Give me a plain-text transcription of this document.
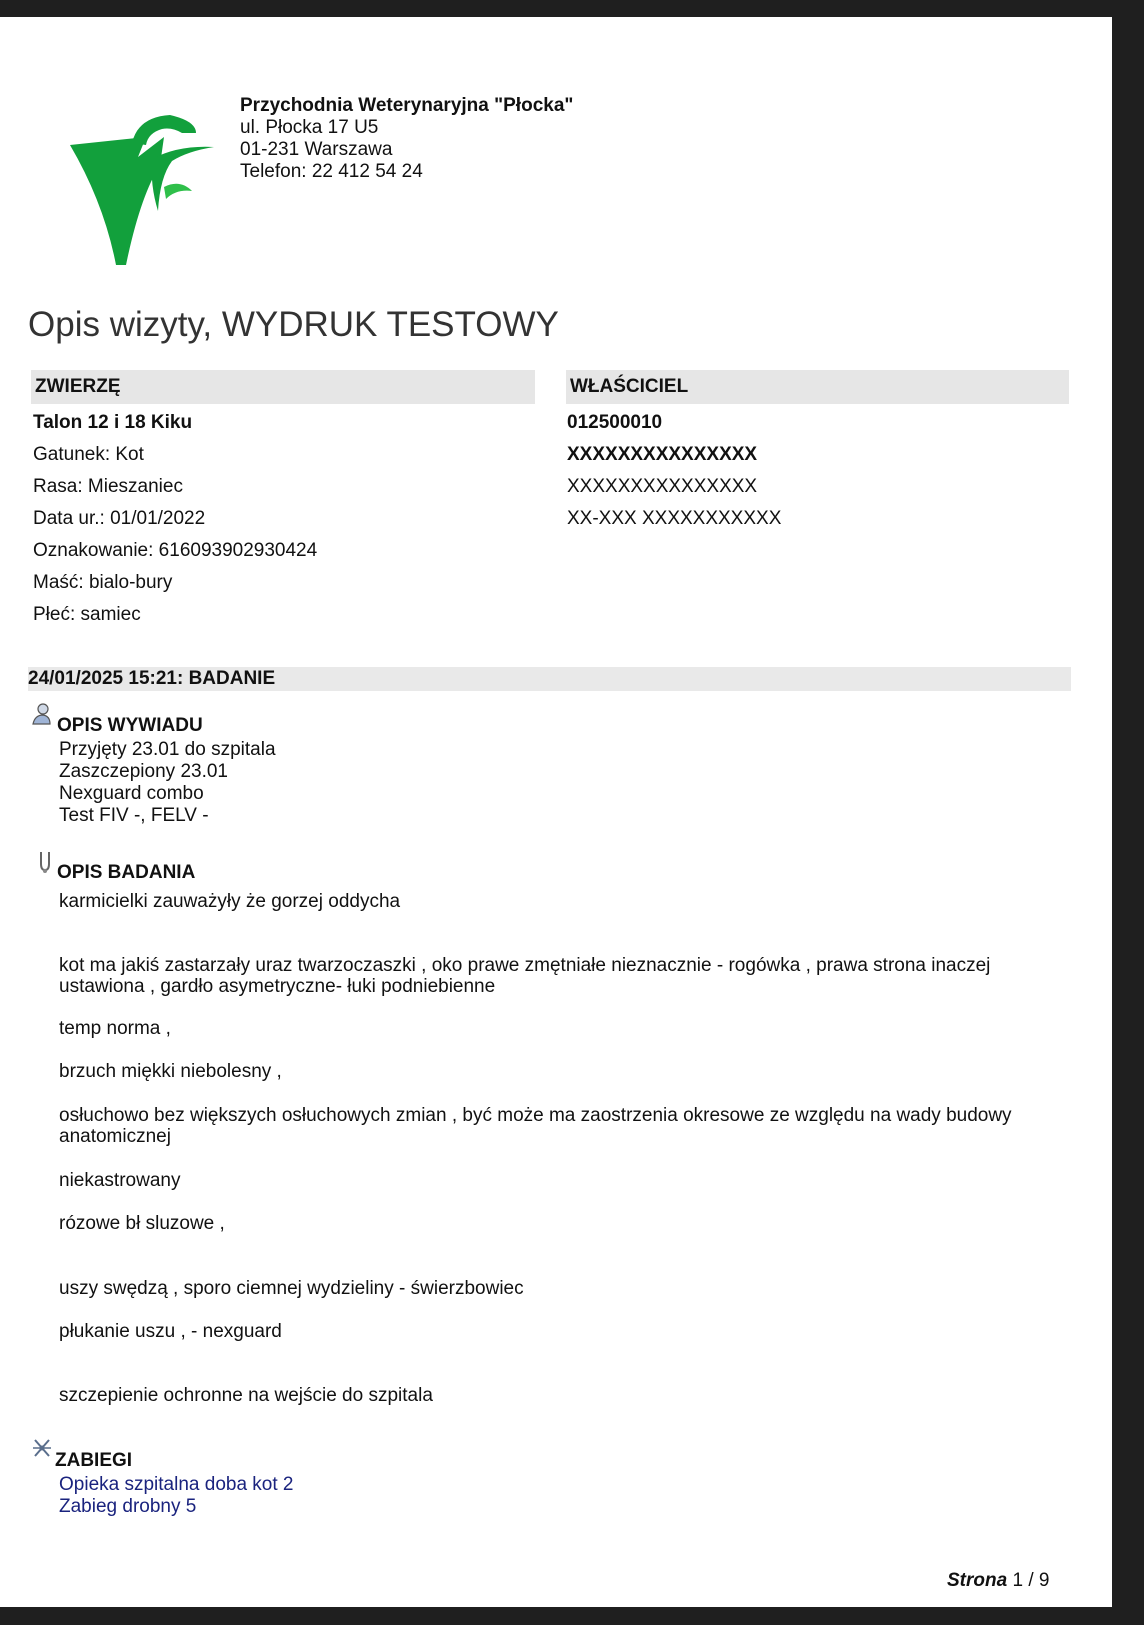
Przychodnia Weterynaryjna "Płocka"
ul. Płocka 17 U5
01-231 Warszawa
Telefon: 22 412 54 24
Opis wizyty, WYDRUK TESTOWY
ZWIERZĘ
Talon 12 i 18 Kiku
Gatunek: Kot
Rasa: Mieszaniec
Data ur.: 01/01/2022
Oznakowanie: 616093902930424
Maść: bialo-bury
Płeć: samiec
WŁAŚCICIEL
012500010
XXXXXXXXXXXXXXX
XXXXXXXXXXXXXXX
XX-XXX XXXXXXXXXXX
24/01/2025 15:21: BADANIE
OPIS WYWIADU
Przyjęty 23.01 do szpitala
Zaszczepiony 23.01
Nexguard combo
Test FIV -, FELV -
OPIS BADANIA
karmicielki zauważyły że gorzej oddycha
kot ma jakiś zastarzały uraz twarzoczaszki , oko prawe zmętniałe nieznacznie - rogówka , prawa strona inaczej ustawiona , gardło asymetryczne- łuki podniebienne
temp norma ,
brzuch miękki niebolesny ,
osłuchowo bez większych osłuchowych zmian , być może ma zaostrzenia okresowe ze względu na wady budowy anatomicznej
niekastrowany
rózowe bł sluzowe ,
uszy swędzą , sporo ciemnej wydzieliny - świerzbowiec
płukanie uszu , - nexguard
szczepienie ochronne na wejście do szpitala
ZABIEGI
Opieka szpitalna doba kot 2
Zabieg drobny 5
Strona 1 / 9
